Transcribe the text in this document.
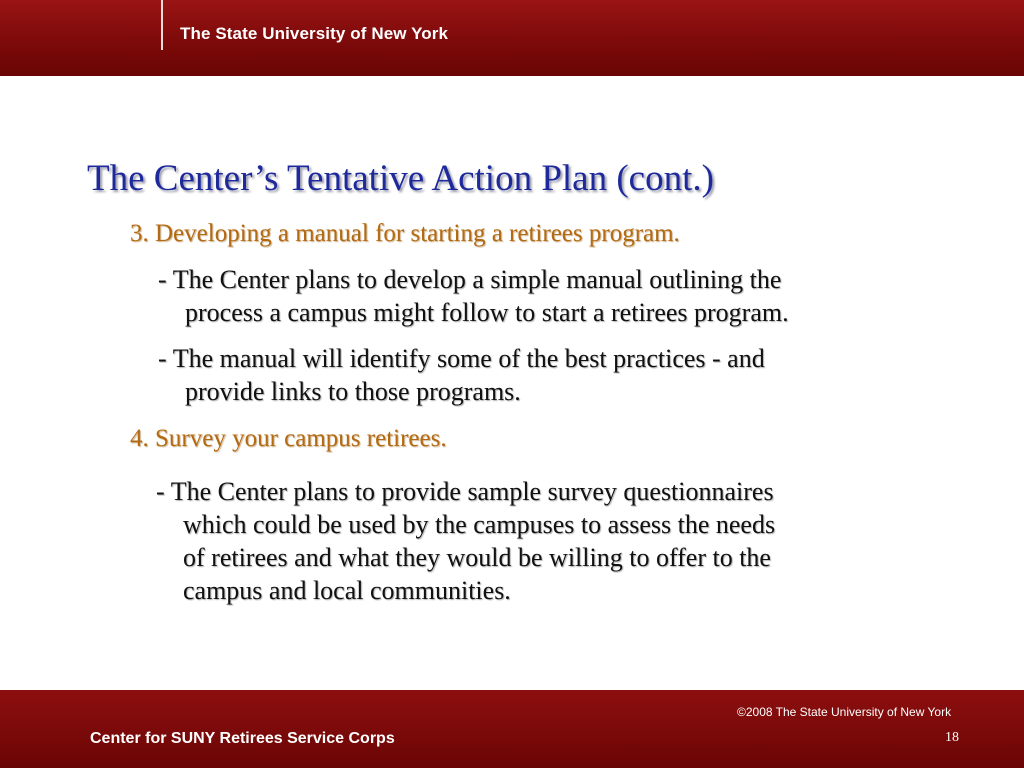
The State University of New York
The Center’s Tentative Action Plan (cont.)
3. Developing a manual for starting a retirees program.

- The Center plans to develop a simple manual outlining the
process a campus might follow to start a retirees program.

- The manual will identify some of the best practices - and
provide links to those programs.

4. Survey your campus retirees.

- The Center plans to provide sample survey questionnaires
which could be used by the campuses to assess the needs
of retirees and what they would be willing to offer to the
campus and local communities.

©2008 The State University of New York
Center for SUNY Retirees Service Corps	18
